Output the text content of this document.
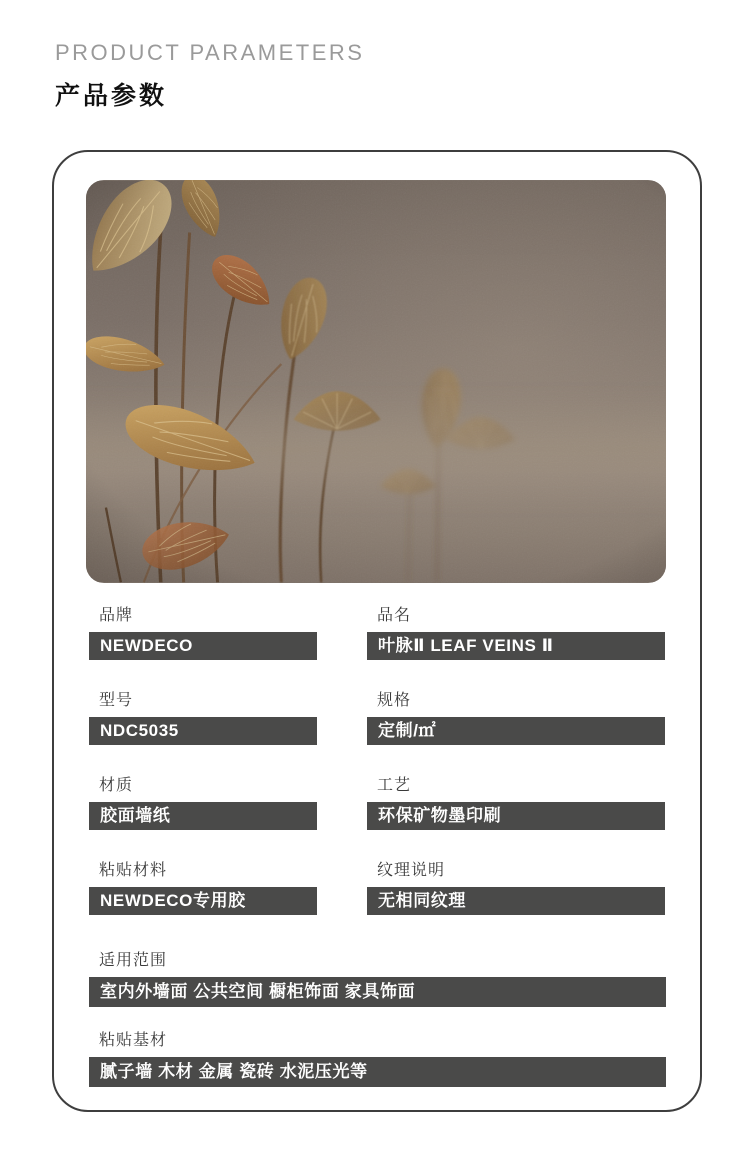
PRODUCT PARAMETERS
产品参数
品牌
NEWDECO
品名
叶脉Ⅱ LEAF VEINS Ⅱ
型号
NDC5035
规格
定制/㎡
材质
胶面墙纸
工艺
环保矿物墨印刷
粘贴材料
NEWDECO专用胶
纹理说明
无相同纹理
适用范围
室内外墙面 公共空间 橱柜饰面 家具饰面
粘贴基材
腻子墙 木材 金属 瓷砖 水泥压光等
